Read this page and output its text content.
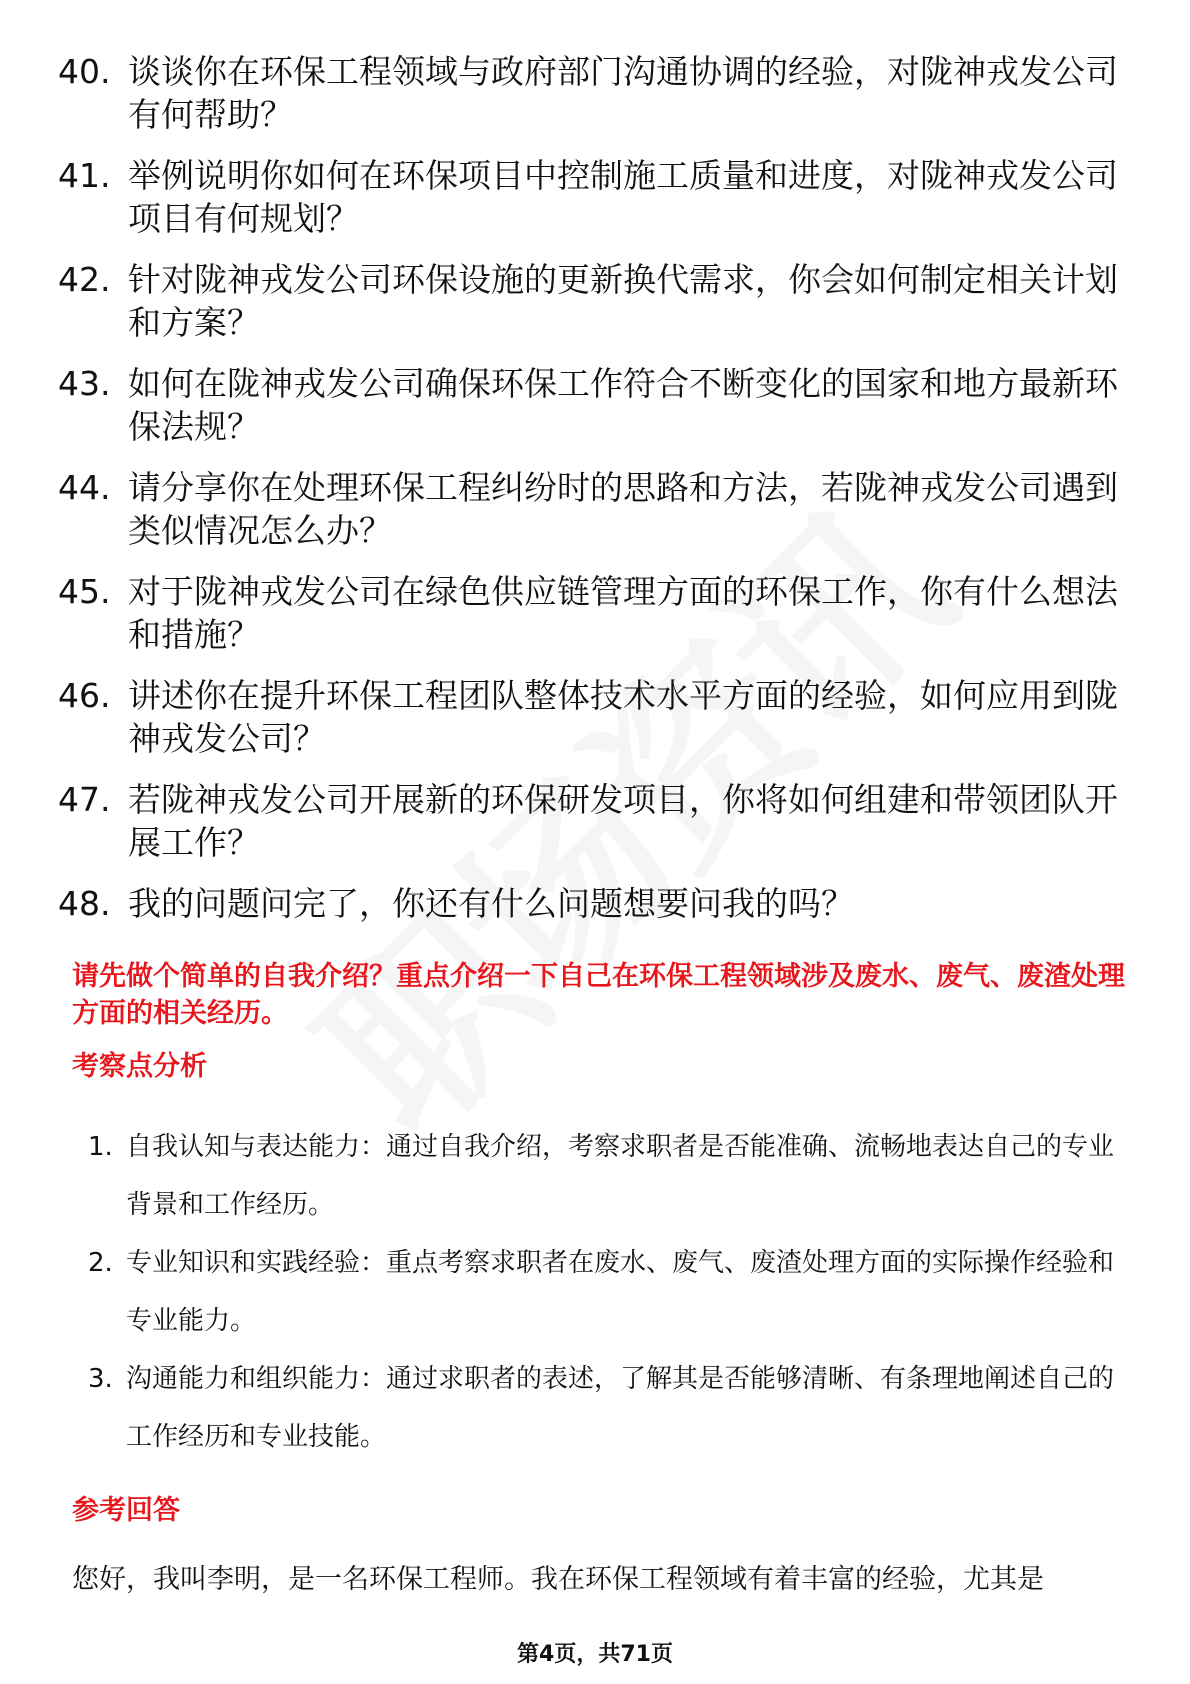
40. 谈谈你在环保工程领域与政府部门沟通协调的经验，对陇神戎发公司有何帮助？
41. 举例说明你如何在环保项目中控制施工质量和进度，对陇神戎发公司项目有何规划？
42. 针对陇神戎发公司环保设施的更新换代需求，你会如何制定相关计划和方案？
43. 如何在陇神戎发公司确保环保工作符合不断变化的国家和地方最新环保法规？
44. 请分享你在处理环保工程纠纷时的思路和方法，若陇神戎发公司遇到类似情况怎么办？
45. 对于陇神戎发公司在绿色供应链管理方面的环保工作，你有什么想法和措施？
46. 讲述你在提升环保工程团队整体技术水平方面的经验，如何应用到陇神戎发公司？
47. 若陇神戎发公司开展新的环保研发项目，你将如何组建和带领团队开展工作？
48. 我的问题问完了，你还有什么问题想要问我的吗？
请先做个简单的自我介绍？重点介绍一下自己在环保工程领域涉及废水、废气、废渣处理方面的相关经历。
考察点分析
1. 自我认知与表达能力：通过自我介绍，考察求职者是否能准确、流畅地表达自己的专业背景和工作经历。
2. 专业知识和实践经验：重点考察求职者在废水、废气、废渣处理方面的实际操作经验和专业能力。
3. 沟通能力和组织能力：通过求职者的表述，了解其是否能够清晰、有条理地阐述自己的工作经历和专业技能。
参考回答
您好，我叫李明，是一名环保工程师。我在环保工程领域有着丰富的经验，尤其是
第4页，共71页
